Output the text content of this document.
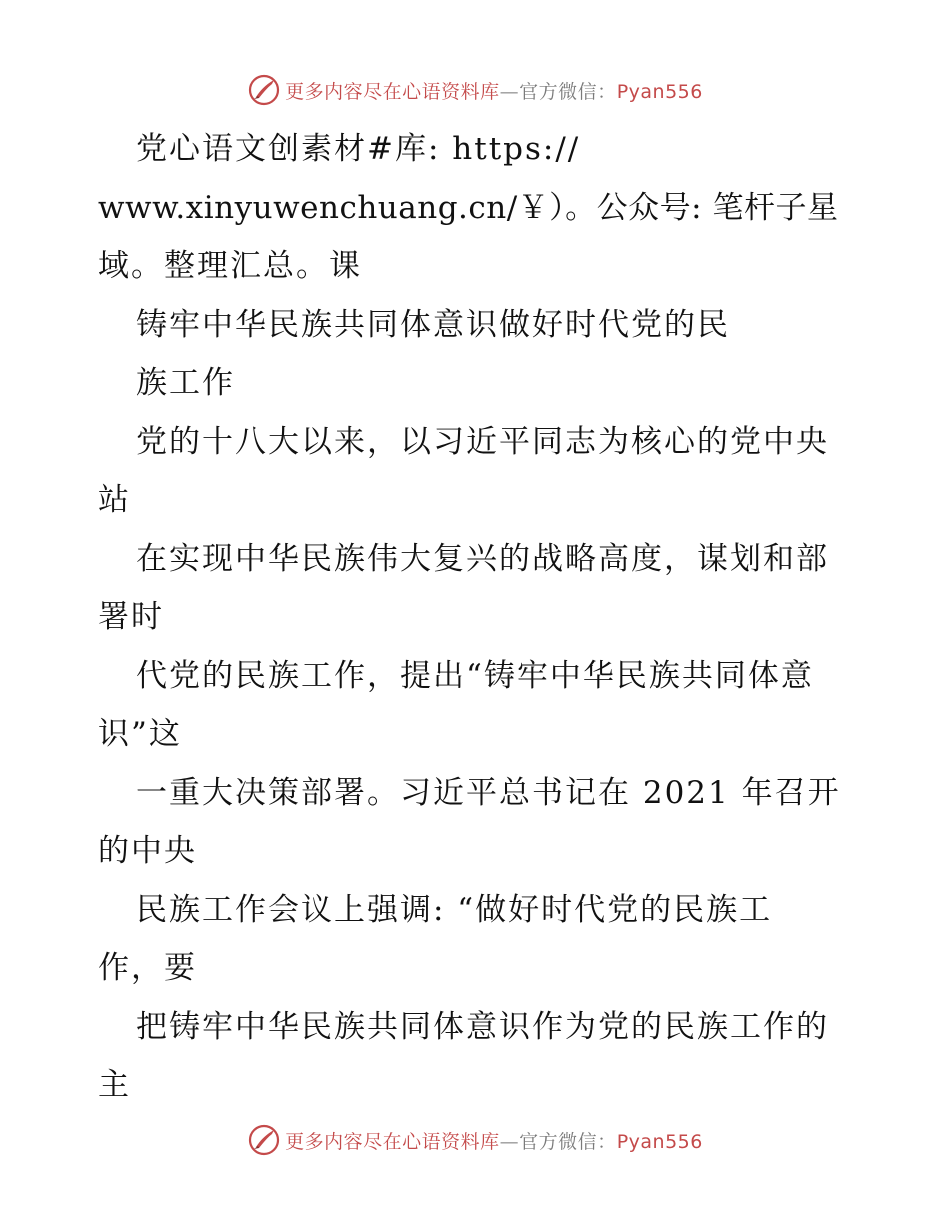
更多内容尽在心语资料库—官方微信：Pyan556
党心语文创素材#库: https://
www.xinyuwenchuang.cn/￥）。公众号: 笔杆子星
域。整理汇总。课
铸牢中华民族共同体意识做好时代党的民
族工作
党的十八大以来，以习近平同志为核心的党中央
站
在实现中华民族伟大复兴的战略高度，谋划和部
署时
代党的民族工作，提出“铸牢中华民族共同体意
识”这
一重大决策部署。习近平总书记在 2021 年召开
的中央
民族工作会议上强调: “做好时代党的民族工
作，要
把铸牢中华民族共同体意识作为党的民族工作的
主
更多内容尽在心语资料库—官方微信：Pyan556
